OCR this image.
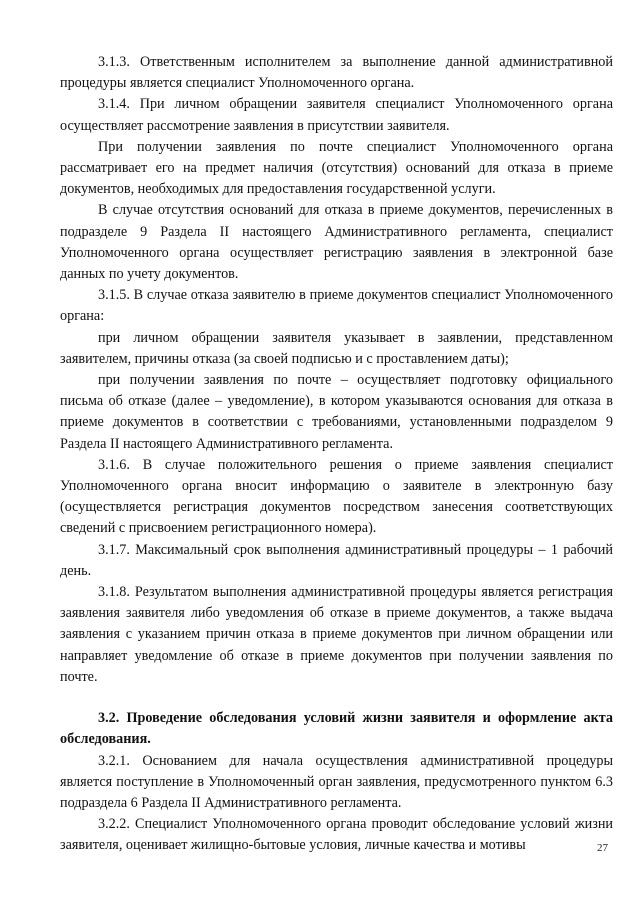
3.1.3. Ответственным исполнителем за выполнение данной административной процедуры является специалист Уполномоченного органа.

3.1.4. При личном обращении заявителя специалист Уполномоченного органа осуществляет рассмотрение заявления в присутствии заявителя.

При получении заявления по почте специалист Уполномоченного органа рассматривает его на предмет наличия (отсутствия) оснований для отказа в приеме документов, необходимых для предоставления государственной услуги.

В случае отсутствия оснований для отказа в приеме документов, перечисленных в подразделе 9 Раздела II настоящего Административного регламента, специалист Уполномоченного органа осуществляет регистрацию заявления в электронной базе данных по учету документов.

3.1.5. В случае отказа заявителю в приеме документов специалист Уполномоченного органа:

при личном обращении заявителя указывает в заявлении, представленном заявителем, причины отказа (за своей подписью и с проставлением даты);

при получении заявления по почте – осуществляет подготовку официального письма об отказе (далее – уведомление), в котором указываются основания для отказа в приеме документов в соответствии с требованиями, установленными подразделом 9 Раздела II настоящего Административного регламента.

3.1.6. В случае положительного решения о приеме заявления специалист Уполномоченного органа вносит информацию о заявителе в электронную базу (осуществляется регистрация документов посредством занесения соответствующих сведений с присвоением регистрационного номера).

3.1.7. Максимальный срок выполнения административный процедуры – 1 рабочий день.

3.1.8. Результатом выполнения административной процедуры является регистрация заявления заявителя либо уведомления об отказе в приеме документов, а также выдача заявления с указанием причин отказа в приеме документов при личном обращении или направляет уведомление об отказе в приеме документов при получении заявления по почте.

3.2. Проведение обследования условий жизни заявителя и оформление акта обследования.

3.2.1. Основанием для начала осуществления административной процедуры является поступление в Уполномоченный орган заявления, предусмотренного пунктом 6.3 подраздела 6 Раздела II Административного регламента.

3.2.2. Специалист Уполномоченного органа проводит обследование условий жизни заявителя, оценивает жилищно-бытовые условия, личные качества и мотивы	27
